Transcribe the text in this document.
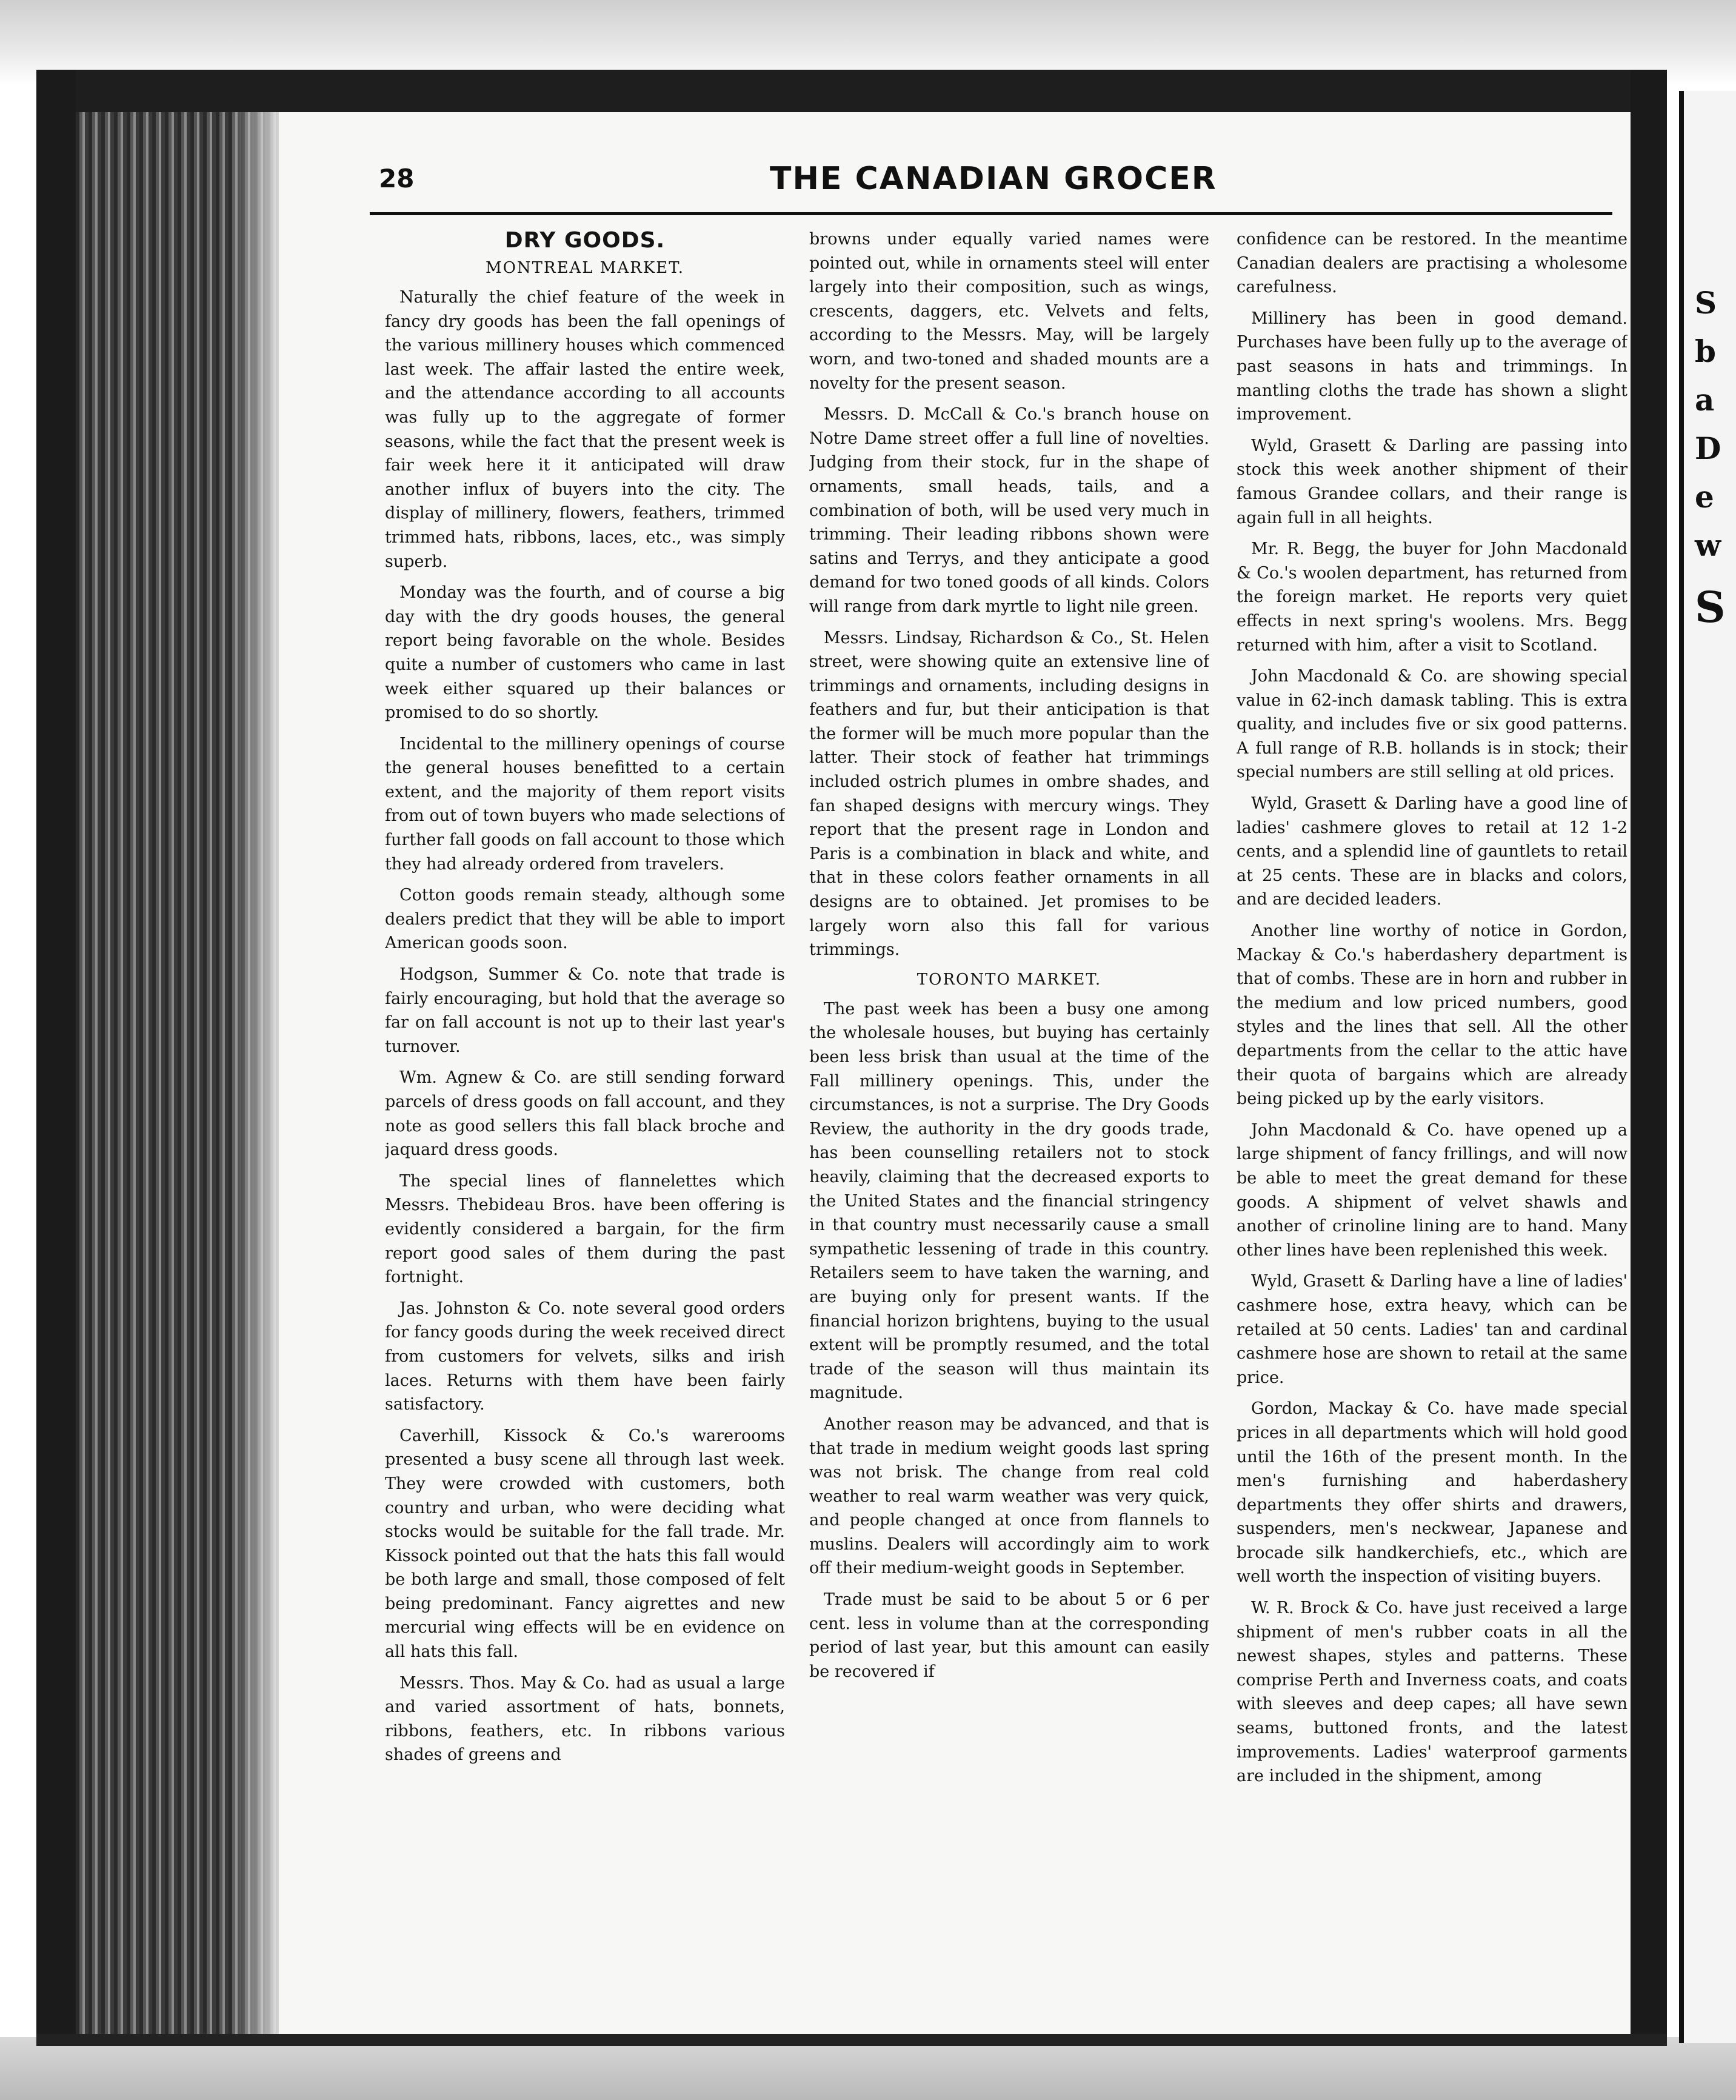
S
b
a
D
e
w
S
28	THE CANADIAN GROCER
DRY GOODS.
MONTREAL MARKET.

Naturally the chief feature of the week in fancy dry goods has been the fall openings of the various millinery houses which commenced last week. The affair lasted the entire week, and the attendance according to all accounts was fully up to the aggregate of former seasons, while the fact that the present week is fair week here it it anticipated will draw another influx of buyers into the city. The display of millinery, flowers, feathers, trimmed trimmed hats, ribbons, laces, etc., was simply superb.

Monday was the fourth, and of course a big day with the dry goods houses, the general report being favorable on the whole. Besides quite a number of customers who came in last week either squared up their balances or promised to do so shortly.

Incidental to the millinery openings of course the general houses benefitted to a certain extent, and the majority of them report visits from out of town buyers who made selections of further fall goods on fall account to those which they had already ordered from travelers.

Cotton goods remain steady, although some dealers predict that they will be able to import American goods soon.

Hodgson, Summer & Co. note that trade is fairly encouraging, but hold that the average so far on fall account is not up to their last year's turnover.

Wm. Agnew & Co. are still sending forward parcels of dress goods on fall account, and they note as good sellers this fall black broche and jaquard dress goods.

The special lines of flannelettes which Messrs. Thebideau Bros. have been offering is evidently considered a bargain, for the firm report good sales of them during the past fortnight.

Jas. Johnston & Co. note several good orders for fancy goods during the week received direct from customers for velvets, silks and irish laces. Returns with them have been fairly satisfactory.

Caverhill, Kissock & Co.'s warerooms presented a busy scene all through last week. They were crowded with customers, both country and urban, who were deciding what stocks would be suitable for the fall trade. Mr. Kissock pointed out that the hats this fall would be both large and small, those composed of felt being predominant. Fancy aigrettes and new mercurial wing effects will be en evidence on all hats this fall.

Messrs. Thos. May & Co. had as usual a large and varied assortment of hats, bonnets, ribbons, feathers, etc. In ribbons various shades of greens and

browns under equally varied names were pointed out, while in ornaments steel will enter largely into their composition, such as wings, crescents, daggers, etc. Velvets and felts, according to the Messrs. May, will be largely worn, and two-toned and shaded mounts are a novelty for the present season.

Messrs. D. McCall & Co.'s branch house on Notre Dame street offer a full line of novelties. Judging from their stock, fur in the shape of ornaments, small heads, tails, and a combination of both, will be used very much in trimming. Their leading ribbons shown were satins and Terrys, and they anticipate a good demand for two toned goods of all kinds. Colors will range from dark myrtle to light nile green.

Messrs. Lindsay, Richardson & Co., St. Helen street, were showing quite an extensive line of trimmings and ornaments, including designs in feathers and fur, but their anticipation is that the former will be much more popular than the latter. Their stock of feather hat trimmings included ostrich plumes in ombre shades, and fan shaped designs with mercury wings. They report that the present rage in London and Paris is a combination in black and white, and that in these colors feather ornaments in all designs are to obtained. Jet promises to be largely worn also this fall for various trimmings.

TORONTO MARKET.

The past week has been a busy one among the wholesale houses, but buying has certainly been less brisk than usual at the time of the Fall millinery openings. This, under the circumstances, is not a surprise. The Dry Goods Review, the authority in the dry goods trade, has been counselling retailers not to stock heavily, claiming that the decreased exports to the United States and the financial stringency in that country must necessarily cause a small sympathetic lessening of trade in this country. Retailers seem to have taken the warning, and are buying only for present wants. If the financial horizon brightens, buying to the usual extent will be promptly resumed, and the total trade of the season will thus maintain its magnitude.

Another reason may be advanced, and that is that trade in medium weight goods last spring was not brisk. The change from real cold weather to real warm weather was very quick, and people changed at once from flannels to muslins. Dealers will accordingly aim to work off their medium-weight goods in September.

Trade must be said to be about 5 or 6 per cent. less in volume than at the corresponding period of last year, but this amount can easily be recovered if

confidence can be restored. In the meantime Canadian dealers are practising a wholesome carefulness.

Millinery has been in good demand. Purchases have been fully up to the average of past seasons in hats and trimmings. In mantling cloths the trade has shown a slight improvement.

Wyld, Grasett & Darling are passing into stock this week another shipment of their famous Grandee collars, and their range is again full in all heights.

Mr. R. Begg, the buyer for John Macdonald & Co.'s woolen department, has returned from the foreign market. He reports very quiet effects in next spring's woolens. Mrs. Begg returned with him, after a visit to Scotland.

John Macdonald & Co. are showing special value in 62-inch damask tabling. This is extra quality, and includes five or six good patterns. A full range of R.B. hollands is in stock; their special numbers are still selling at old prices.

Wyld, Grasett & Darling have a good line of ladies' cashmere gloves to retail at 12 1-2 cents, and a splendid line of gauntlets to retail at 25 cents. These are in blacks and colors, and are decided leaders.

Another line worthy of notice in Gordon, Mackay & Co.'s haberdashery department is that of combs. These are in horn and rubber in the medium and low priced numbers, good styles and the lines that sell. All the other departments from the cellar to the attic have their quota of bargains which are already being picked up by the early visitors.

John Macdonald & Co. have opened up a large shipment of fancy frillings, and will now be able to meet the great demand for these goods. A shipment of velvet shawls and another of crinoline lining are to hand. Many other lines have been replenished this week.

Wyld, Grasett & Darling have a line of ladies' cashmere hose, extra heavy, which can be retailed at 50 cents. Ladies' tan and cardinal cashmere hose are shown to retail at the same price.

Gordon, Mackay & Co. have made special prices in all departments which will hold good until the 16th of the present month. In the men's furnishing and haberdashery departments they offer shirts and drawers, suspenders, men's neckwear, Japanese and brocade silk handkerchiefs, etc., which are well worth the inspection of visiting buyers.

W. R. Brock & Co. have just received a large shipment of men's rubber coats in all the newest shapes, styles and patterns. These comprise Perth and Inverness coats, and coats with sleeves and deep capes; all have sewn seams, buttoned fronts, and the latest improvements. Ladies' waterproof garments are included in the shipment, among
